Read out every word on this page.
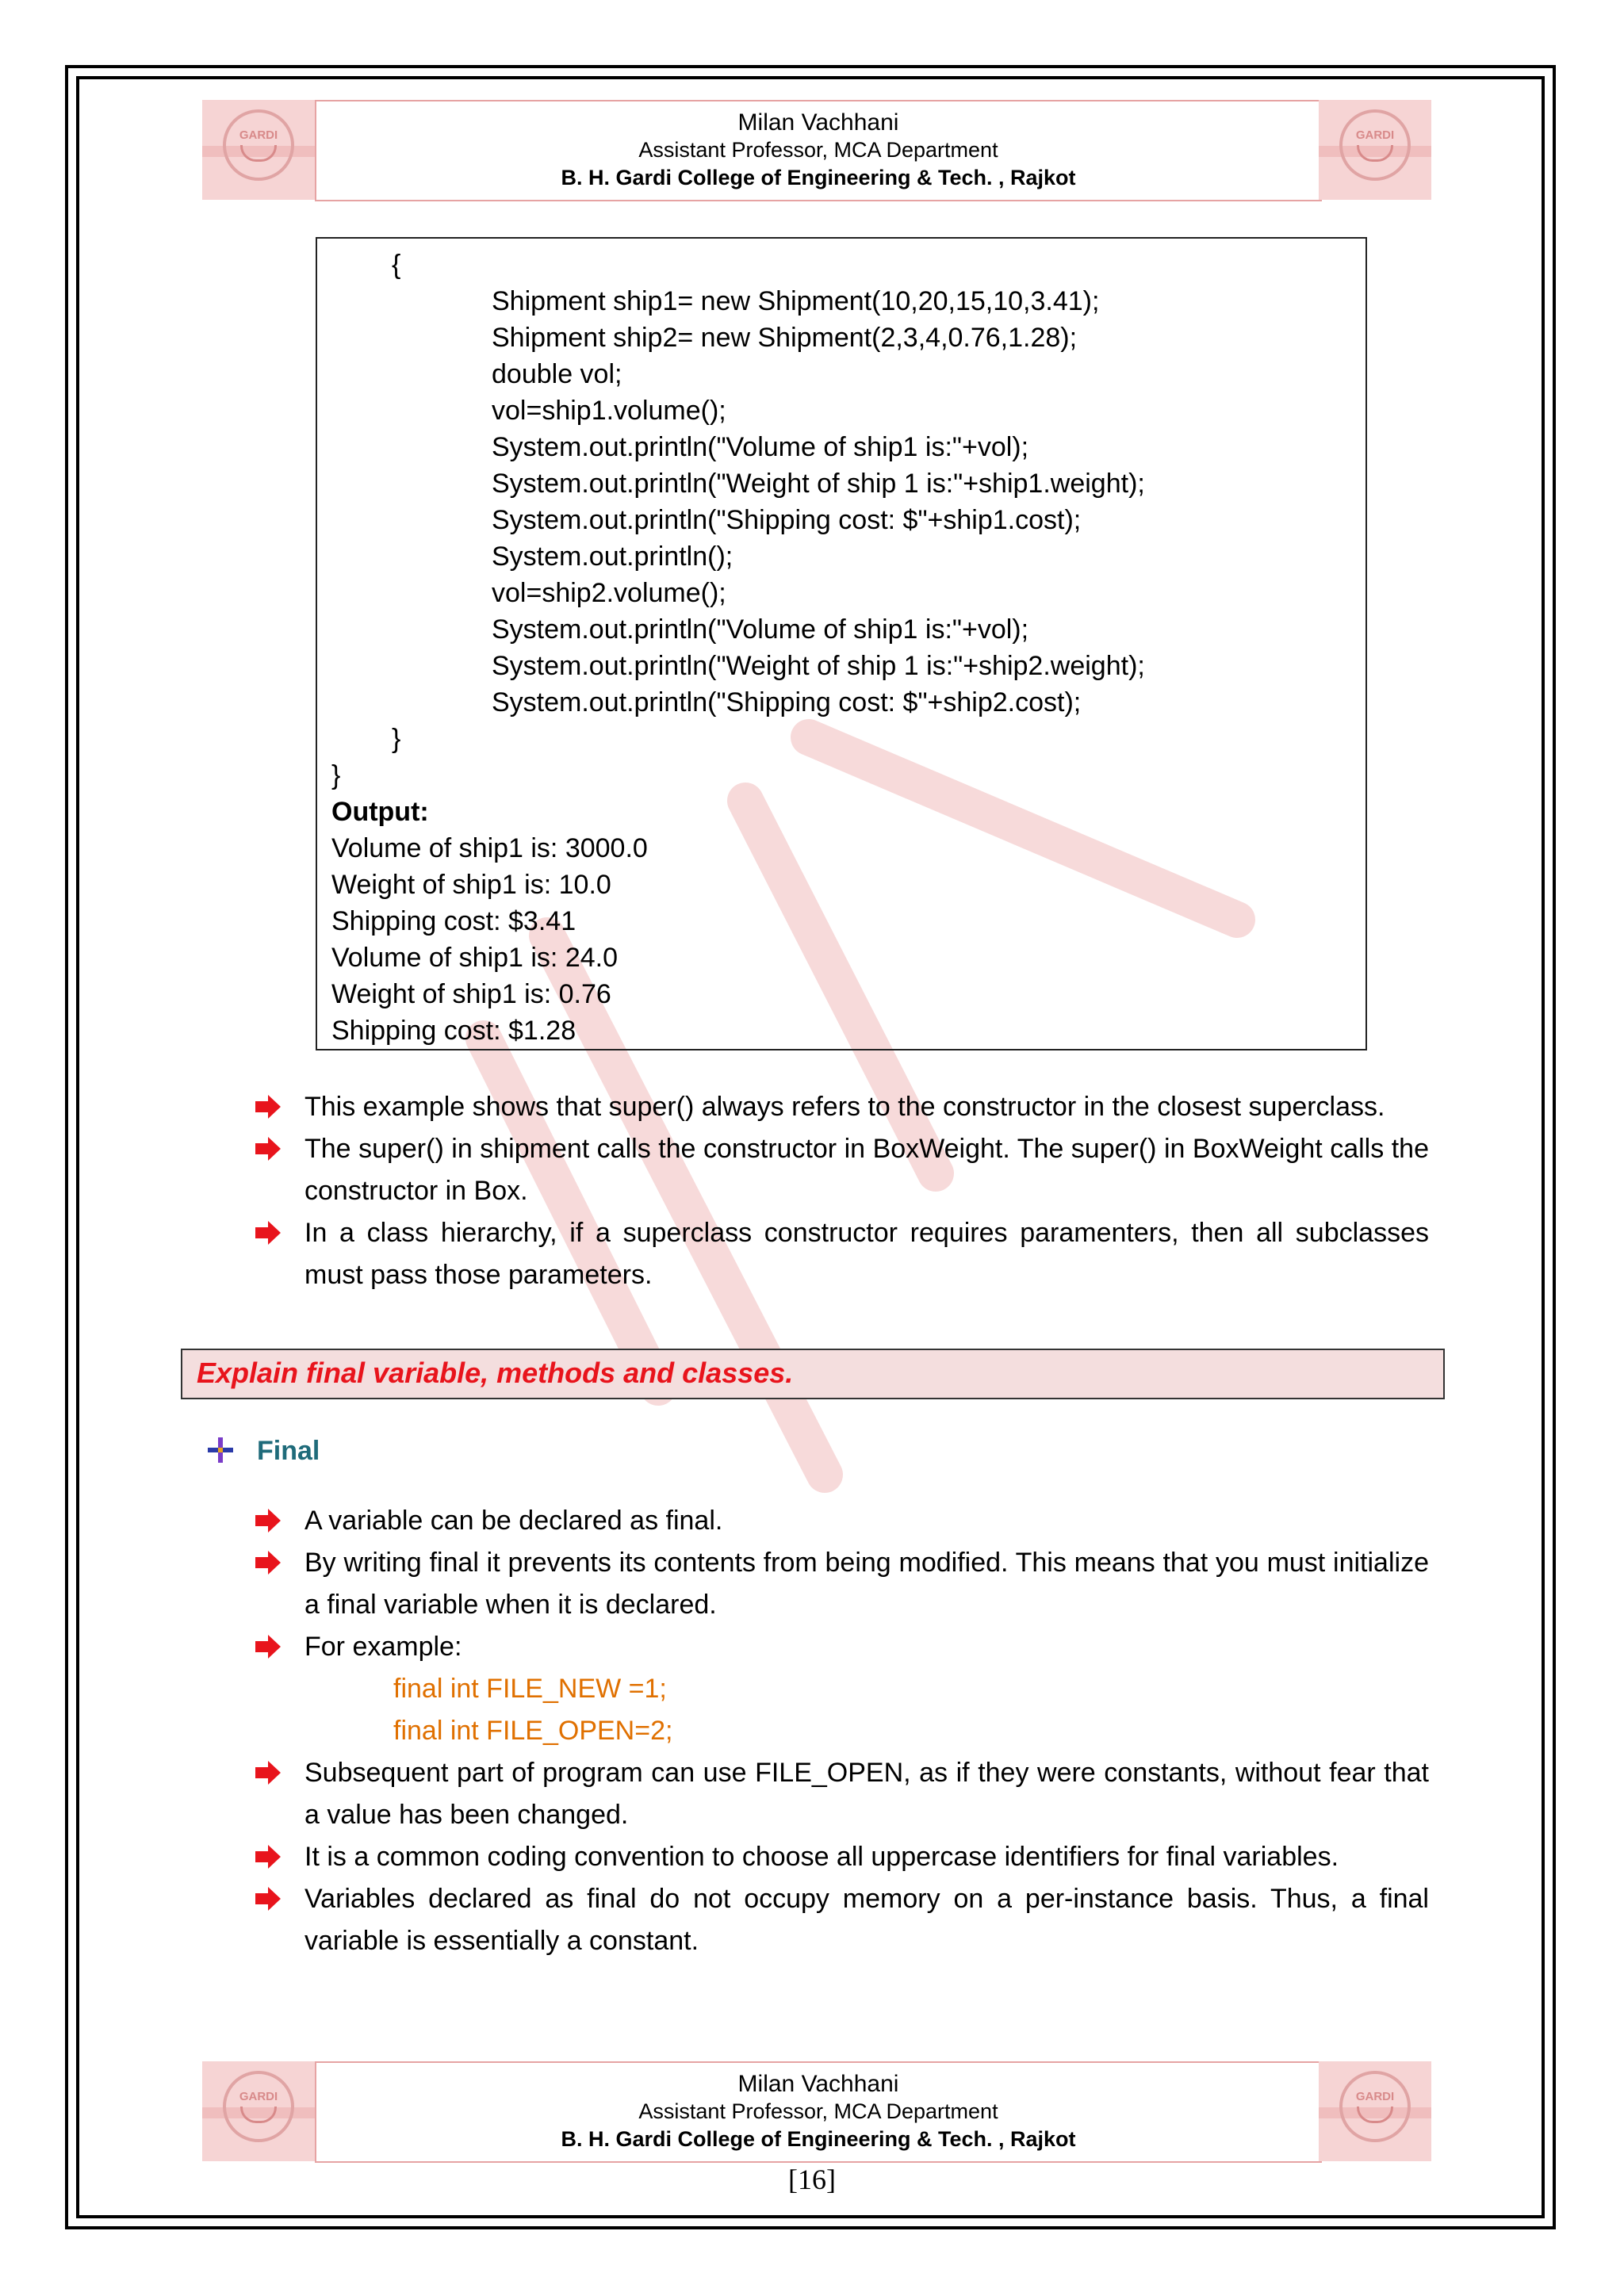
GARDI	Milan Vachhani
Assistant Professor, MCA Department
B. H. Gardi College of Engineering & Tech. , Rajkot
GARDI
{
Shipment ship1= new Shipment(10,20,15,10,3.41);
Shipment ship2= new Shipment(2,3,4,0.76,1.28);
double vol;
vol=ship1.volume();
System.out.println("Volume of ship1 is:"+vol);
System.out.println("Weight of ship 1 is:"+ship1.weight);
System.out.println("Shipping cost: $"+ship1.cost);
System.out.println();
vol=ship2.volume();
System.out.println("Volume of ship1 is:"+vol);
System.out.println("Weight of ship 1 is:"+ship2.weight);
System.out.println("Shipping cost: $"+ship2.cost);
}
}
Output:
Volume of ship1 is: 3000.0
Weight of ship1 is: 10.0
Shipping cost: $3.41
Volume of ship1 is: 24.0
Weight of ship1 is: 0.76
Shipping cost: $1.28
This example shows that super() always refers to the constructor in the closest superclass.
The super() in shipment calls the constructor in BoxWeight. The super() in BoxWeight calls the constructor in Box.
In a class hierarchy, if a superclass constructor requires paramenters, then all subclasses must pass those parameters.
Explain final variable, methods and classes.
Final
A variable can be declared as final.
By writing final it prevents its contents from being modified. This means that you must initialize a final variable when it is declared.
For example:
final int FILE_NEW =1;
final int FILE_OPEN=2;
Subsequent part of program can use FILE_OPEN, as if they were constants, without fear that a value has been changed.
It is a common coding convention to choose all uppercase identifiers for final variables.
Variables declared as final do not occupy memory on a per-instance basis. Thus, a final variable is essentially a constant.
GARDI	Milan Vachhani
Assistant Professor, MCA Department
B. H. Gardi College of Engineering & Tech. , Rajkot
GARDI
[16]
